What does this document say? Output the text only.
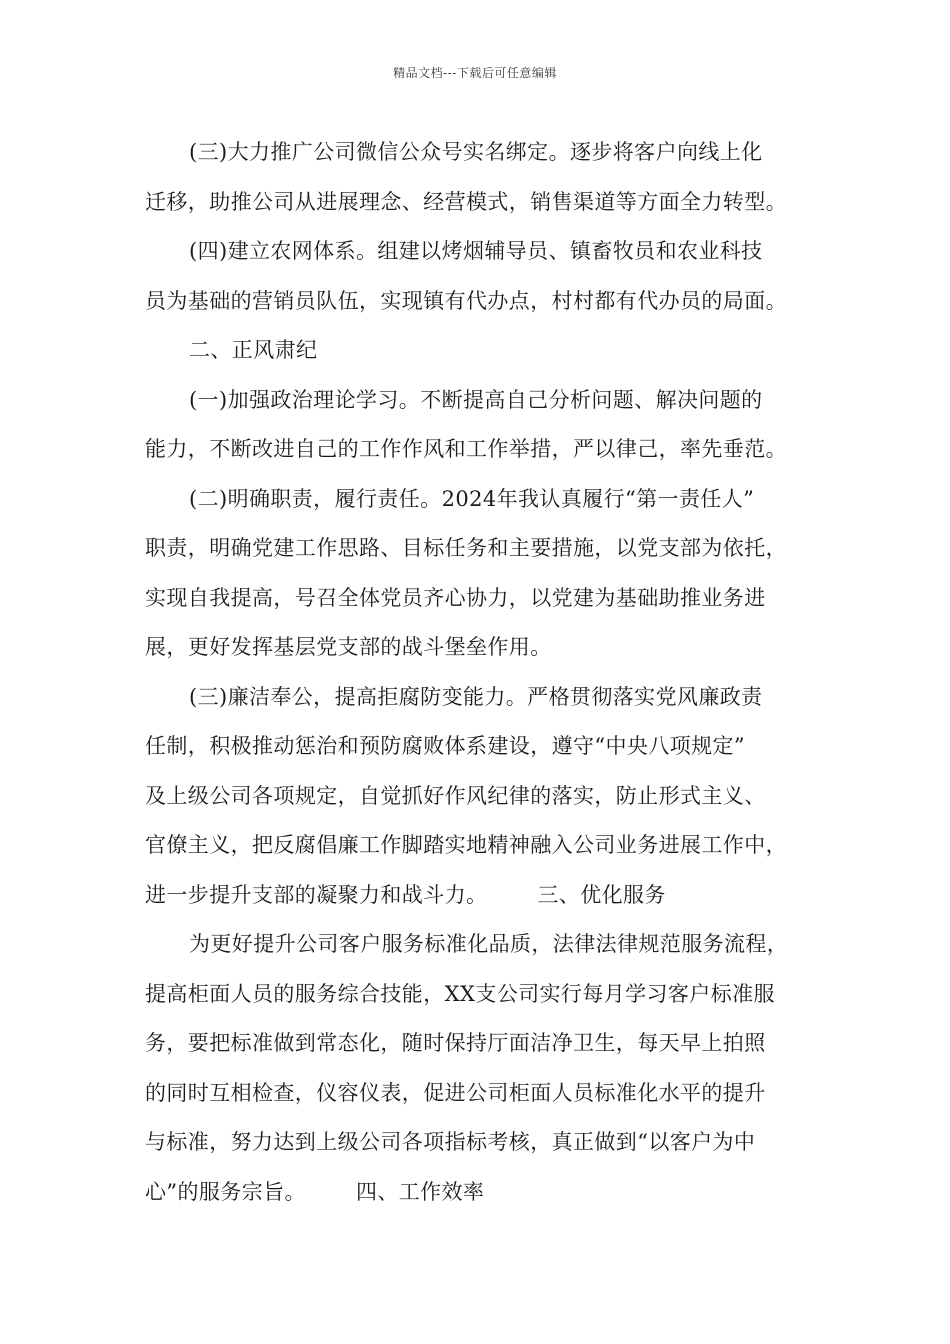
精品文档---下载后可任意编辑
(三)大力推广公司微信公众号实名绑定。逐步将客户向线上化
迁移，助推公司从进展理念、经营模式，销售渠道等方面全力转型。
(四)建立农网体系。组建以烤烟辅导员、镇畜牧员和农业科技
员为基础的营销员队伍，实现镇有代办点，村村都有代办员的局面。
二、正风肃纪
(一)加强政治理论学习。不断提高自己分析问题、解决问题的
能力，不断改进自己的工作作风和工作举措，严以律己，率先垂范。
(二)明确职责，履行责任。2024年我认真履行“第一责任人”
职责，明确党建工作思路、目标任务和主要措施，以党支部为依托，
实现自我提高，号召全体党员齐心协力，以党建为基础助推业务进
展，更好发挥基层党支部的战斗堡垒作用。
(三)廉洁奉公，提高拒腐防变能力。严格贯彻落实党风廉政责
任制，积极推动惩治和预防腐败体系建设，遵守“中央八项规定”
及上级公司各项规定，自觉抓好作风纪律的落实，防止形式主义、
官僚主义，把反腐倡廉工作脚踏实地精神融入公司业务进展工作中，
进一步提升支部的凝聚力和战斗力。 三、优化服务
为更好提升公司客户服务标准化品质，法律法律规范服务流程，
提高柜面人员的服务综合技能，XX支公司实行每月学习客户标准服
务，要把标准做到常态化，随时保持厅面洁净卫生，每天早上拍照
的同时互相检查，仪容仪表，促进公司柜面人员标准化水平的提升
与标准，努力达到上级公司各项指标考核，真正做到“以客户为中
心”的服务宗旨。 四、工作效率
